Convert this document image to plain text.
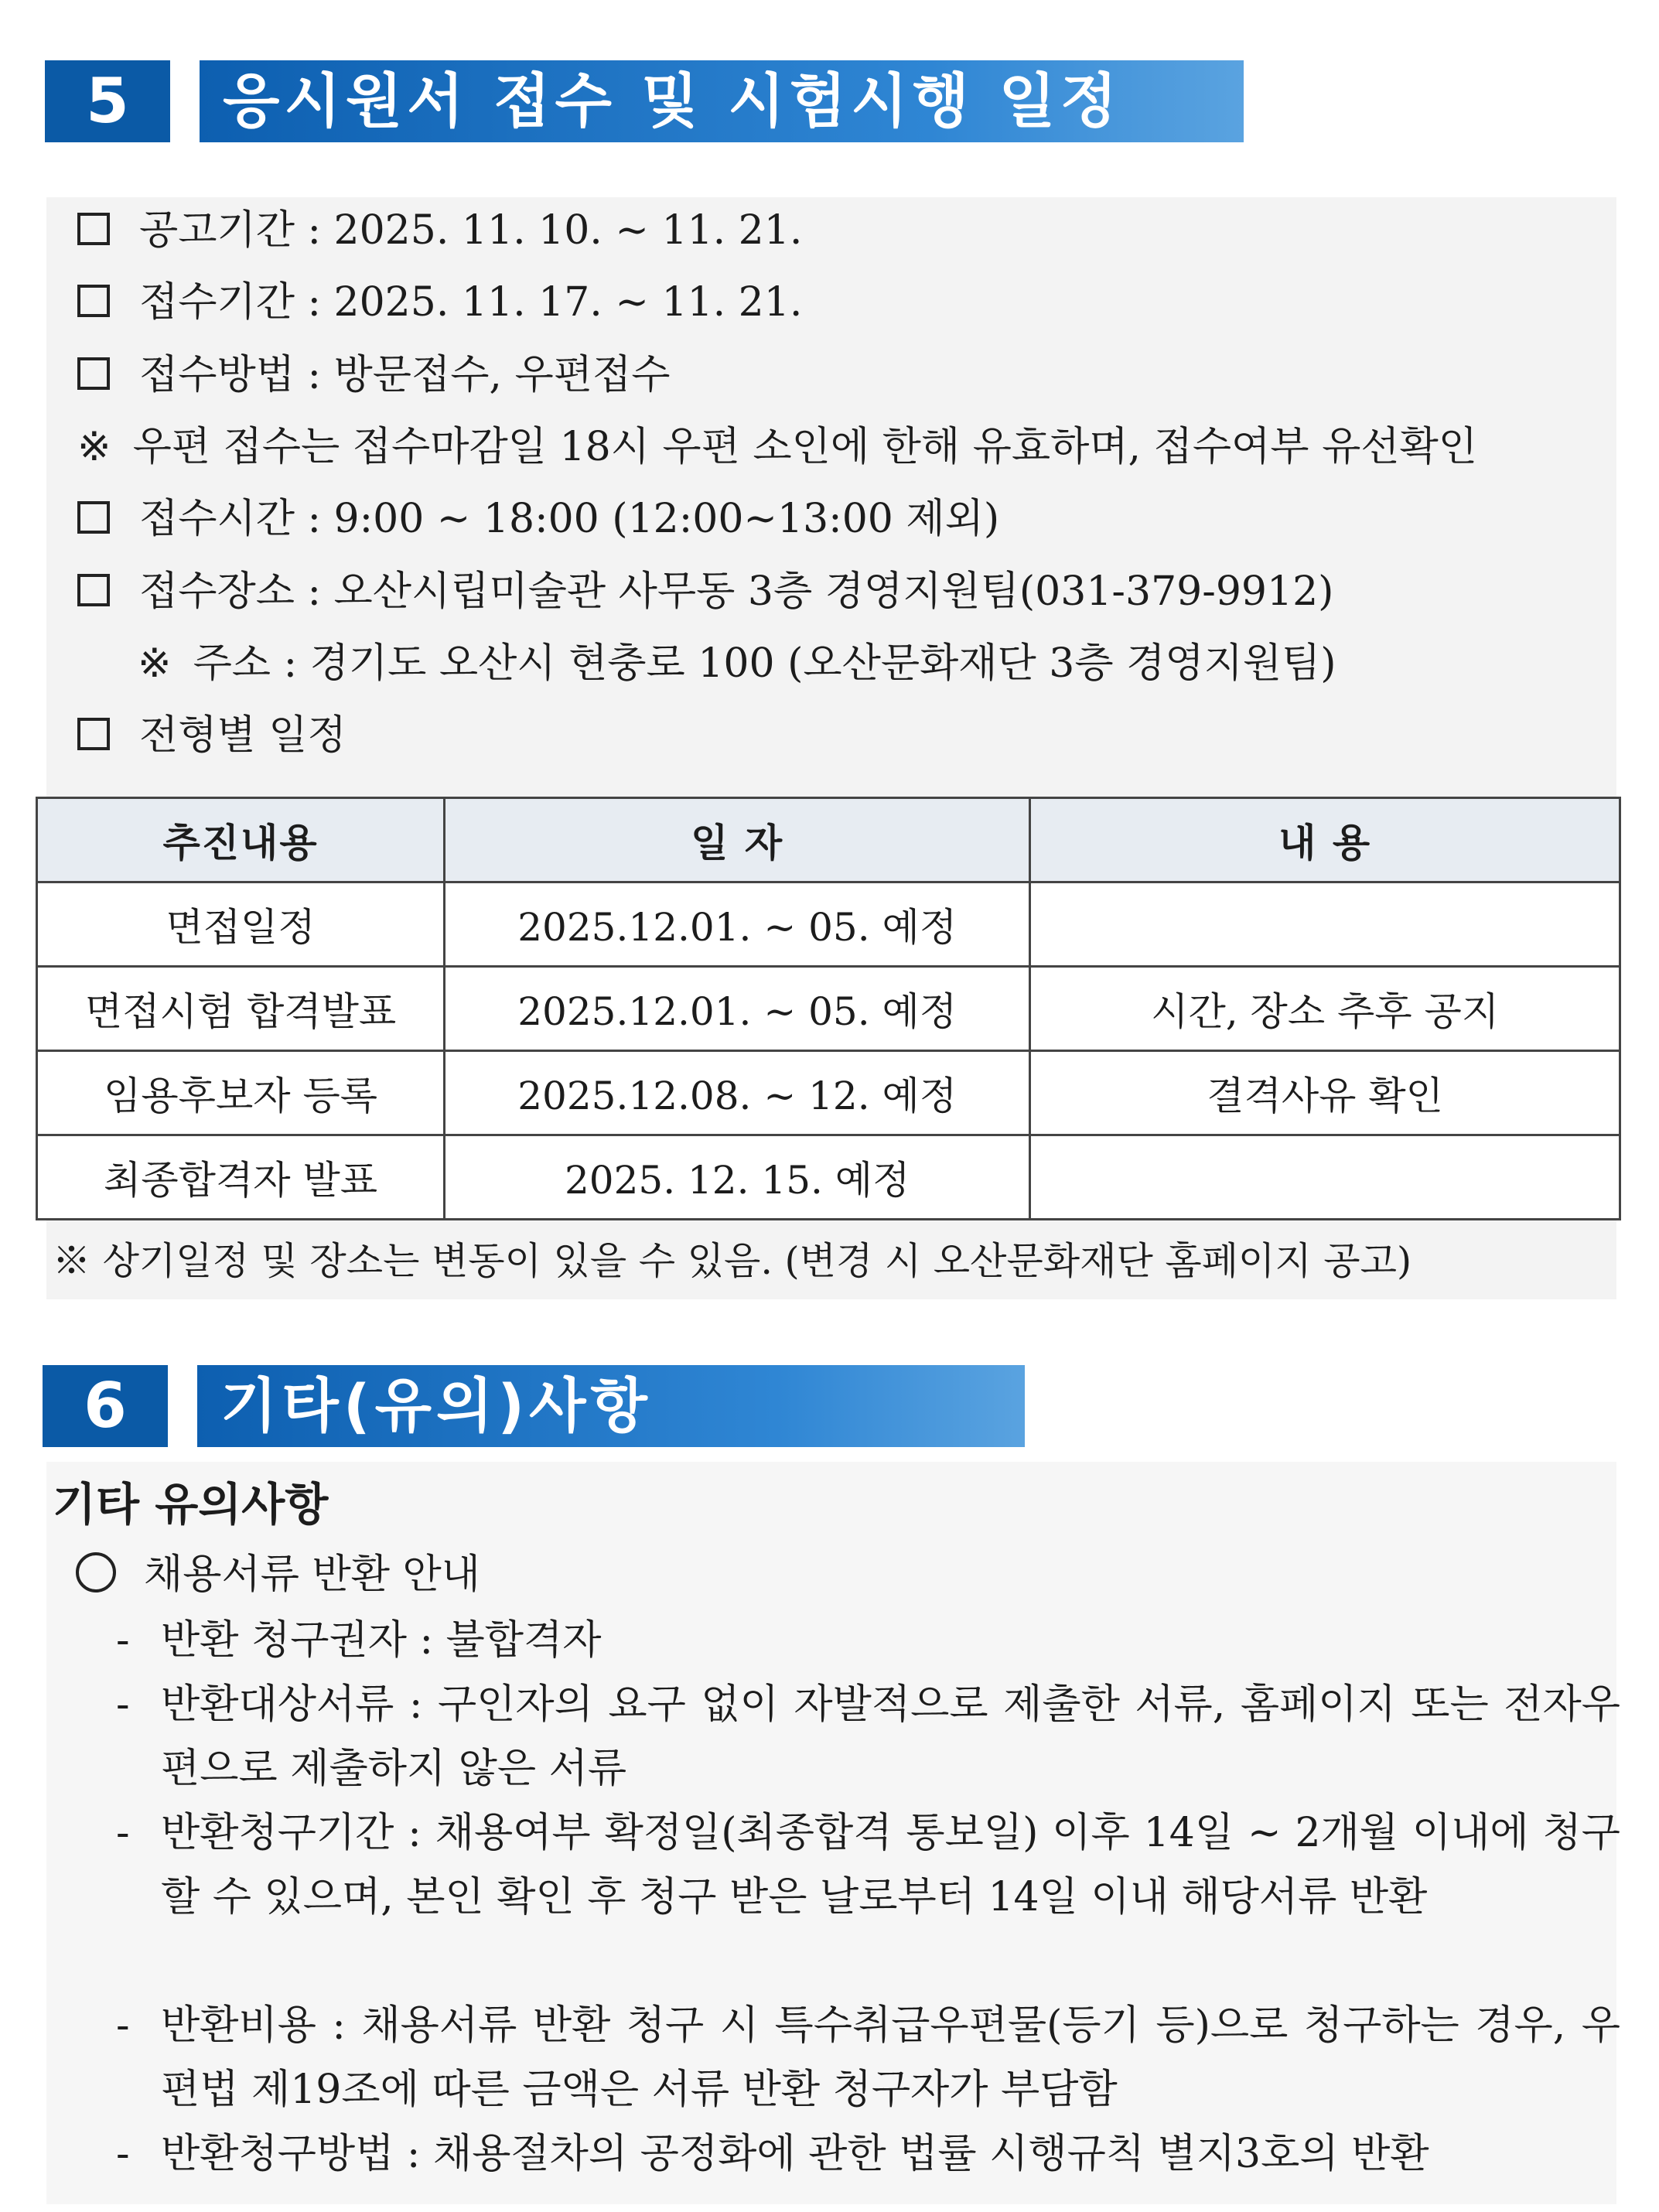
5	응시원서 접수 및 시험시행 일정
공고기간 : 2025. 11. 10. ~ 11. 21.
접수기간 : 2025. 11. 17. ~ 11. 21.
접수방법 : 방문접수, 우편접수
※ 우편 접수는 접수마감일 18시 우편 소인에 한해 유효하며, 접수여부 유선확인
접수시간 : 9:00 ~ 18:00 (12:00~13:00 제외)
접수장소 : 오산시립미술관 사무동 3층 경영지원팀(031-379-9912)
※ 주소 : 경기도 오산시 현충로 100 (오산문화재단 3층 경영지원팀)
전형별 일정
추진내용	일 자	내 용
면접일정	2025.12.01. ~ 05. 예정	
면접시험 합격발표	2025.12.01. ~ 05. 예정	시간, 장소 추후 공지
임용후보자 등록	2025.12.08. ~ 12. 예정	결격사유 확인
최종합격자 발표	2025. 12. 15. 예정	
※ 상기일정 및 장소는 변동이 있을 수 있음. (변경 시 오산문화재단 홈페이지 공고)
6	기타(유의)사항
기타 유의사항
채용서류 반환 안내
- 반환 청구권자 : 불합격자
- 반환대상서류 : 구인자의 요구 없이 자발적으로 제출한 서류, 홈페이지 또는 전자우편으로 제출하지 않은 서류
- 반환청구기간 : 채용여부 확정일(최종합격 통보일) 이후 14일 ~ 2개월 이내에 청구할 수 있으며, 본인 확인 후 청구 받은 날로부터 14일 이내 해당서류 반환
- 반환비용 : 채용서류 반환 청구 시 특수취급우편물(등기 등)으로 청구하는 경우, 우편법 제19조에 따른 금액은 서류 반환 청구자가 부담함
- 반환청구방법 : 채용절차의 공정화에 관한 법률 시행규칙 별지3호의 반환
